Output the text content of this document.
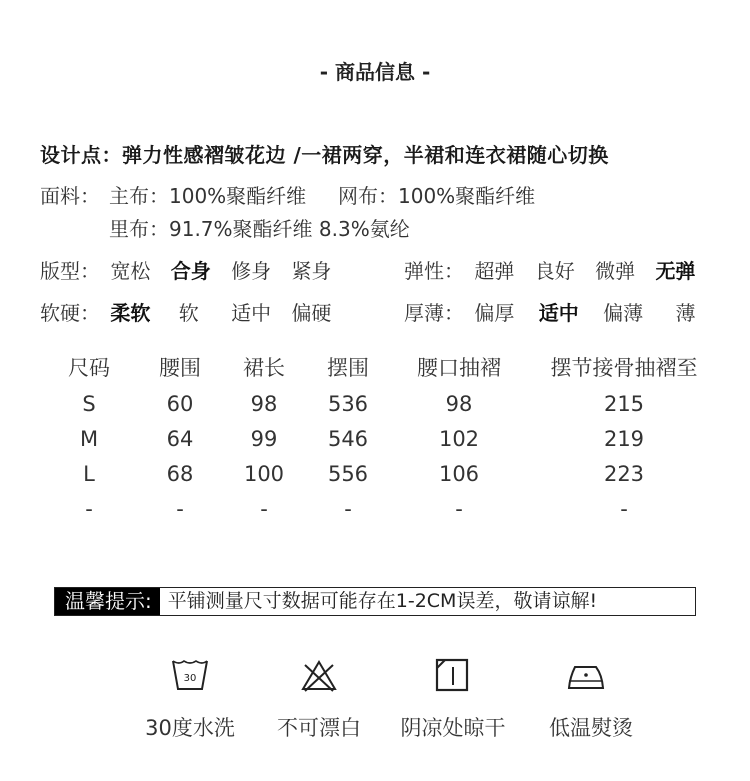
- 商品信息 -
设计点：弹力性感褶皱花边 /一裙两穿，半裙和连衣裙随心切换
面料： 主布：100%聚酯纤维 网布：100%聚酯纤维
里布：91.7%聚酯纤维 8.3%氨纶
版型： 宽松 合身 修身 紧身	弹性： 超弹 良好 微弹 无弹
软硬： 柔软 软 适中 偏硬	厚薄： 偏厚 适中 偏薄 薄
尺码	腰围	裙长	摆围	腰口抽褶	摆节接骨抽褶至
S	60	98	536	98	215
M	64	99	546	102	219
L	68	100	556	106	223
-	-	-	-	-	-
温馨提示: 平铺测量尺寸数据可能存在1-2CM误差，敬请谅解!
30
30度水洗	不可漂白	阴凉处晾干	低温熨烫
